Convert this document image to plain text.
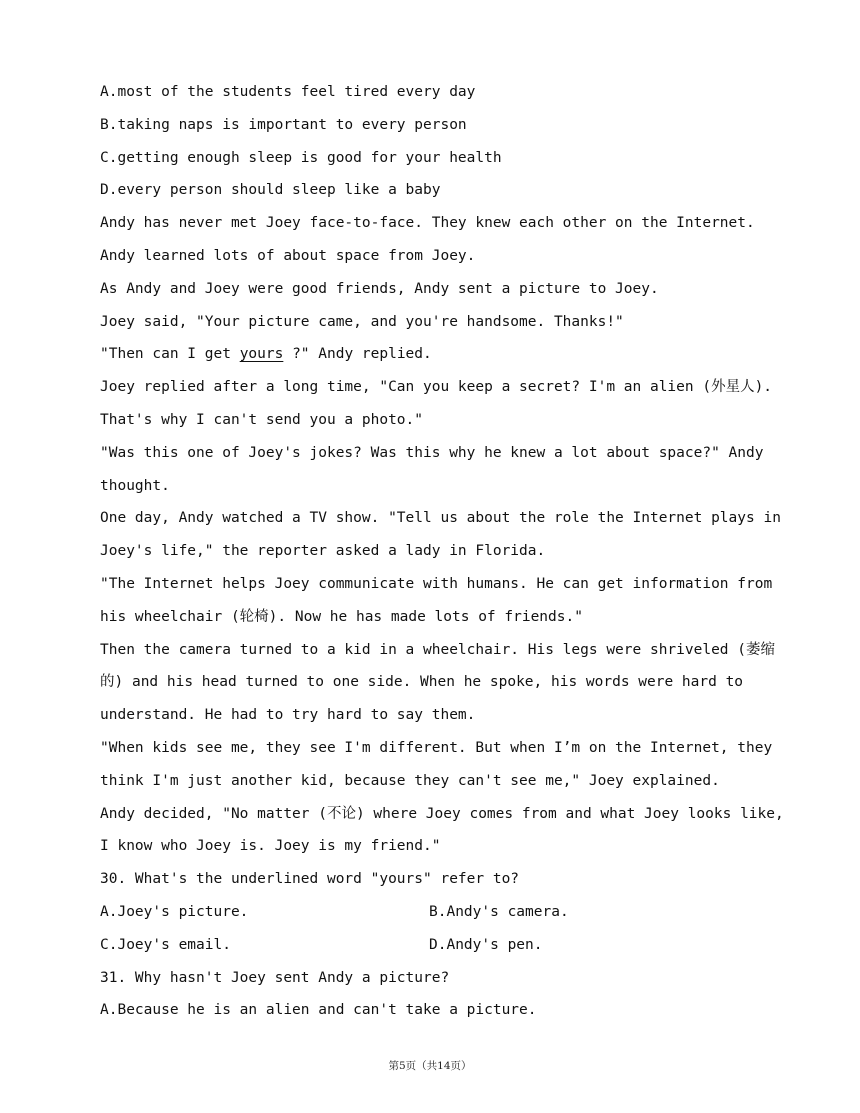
A.most of the students feel tired every day
B.taking naps is important to every person
C.getting enough sleep is good for your health
D.every person should sleep like a baby
Andy has never met Joey face-to-face. They knew each other on the Internet.
Andy learned lots of about space from Joey.
As Andy and Joey were good friends, Andy sent a picture to Joey.
Joey said, "Your picture came, and you're handsome. Thanks!"
"Then can I get yours ?" Andy replied.
Joey replied after a long time, "Can you keep a secret? I'm an alien (外星人).
That's why I can't send you a photo."
"Was this one of Joey's jokes? Was this why he knew a lot about space?" Andy
thought.
One day, Andy watched a TV show. "Tell us about the role the Internet plays in
Joey's life," the reporter asked a lady in Florida.
"The Internet helps Joey communicate with humans. He can get information from
his wheelchair (轮椅). Now he has made lots of friends."
Then the camera turned to a kid in a wheelchair. His legs were shriveled (萎缩
的) and his head turned to one side. When he spoke, his words were hard to
understand. He had to try hard to say them.
"When kids see me, they see I'm different. But when I’m on the Internet, they
think I'm just another kid, because they can't see me," Joey explained.
Andy decided, "No matter (不论) where Joey comes from and what Joey looks like,
I know who Joey is. Joey is my friend."
30. What's the underlined word "yours" refer to?
A.Joey's picture.	B.Andy's camera.
C.Joey's email.	D.Andy's pen.
31. Why hasn't Joey sent Andy a picture?
A.Because he is an alien and can't take a picture.
第5页（共14页）
